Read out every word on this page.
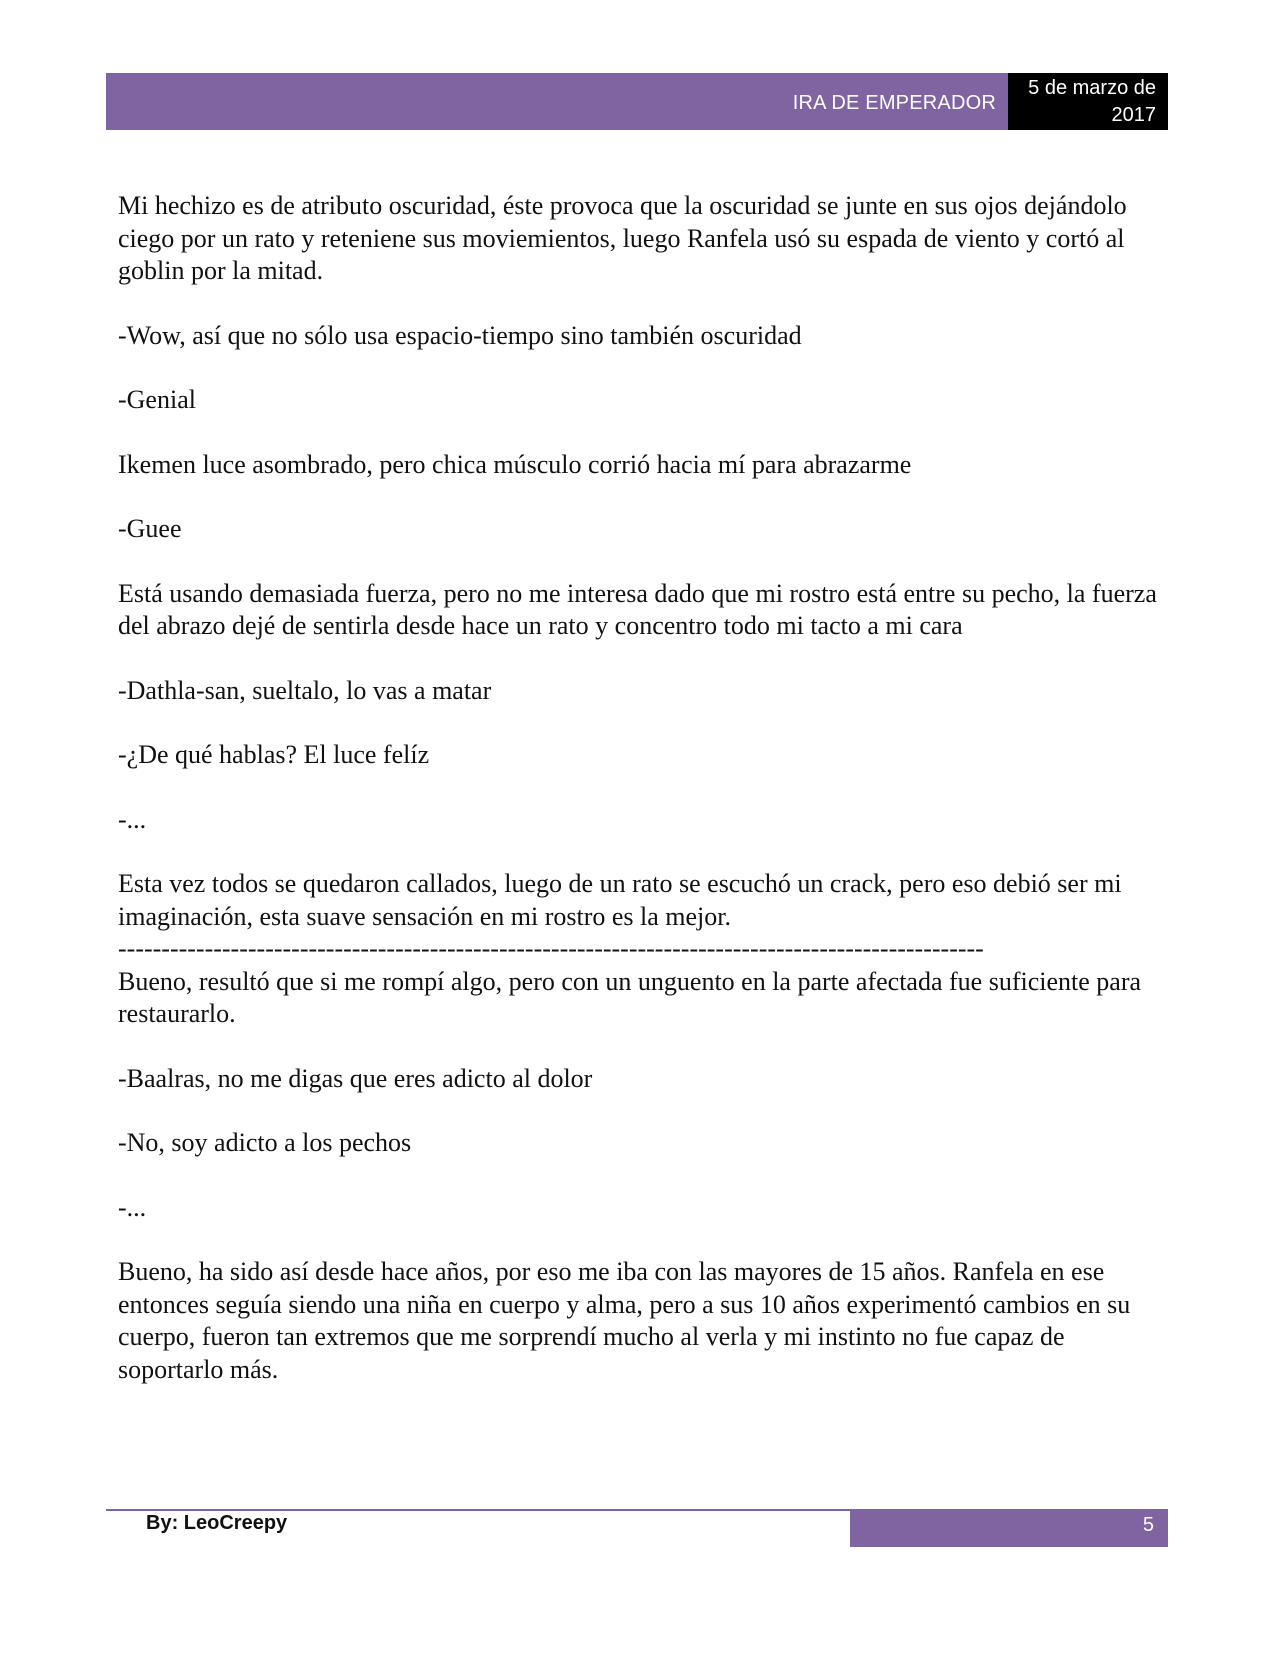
IRA DE EMPERADOR
5 de marzo de
2017

Mi hechizo es de atributo oscuridad, éste provoca que la oscuridad se junte en sus ojos dejándolo ciego por un rato y reteniene sus moviemientos, luego Ranfela usó su espada de viento y cortó al goblin por la mitad.

-Wow, así que no sólo usa espacio-tiempo sino también oscuridad

-Genial

Ikemen luce asombrado, pero chica músculo corrió hacia mí para abrazarme

-Guee

Está usando demasiada fuerza, pero no me interesa dado que mi rostro está entre su pecho, la fuerza del abrazo dejé de sentirla desde hace un rato y concentro todo mi tacto a mi cara

-Dathla-san, sueltalo, lo vas a matar

-¿De qué hablas? El luce felíz

-...

Esta vez todos se quedaron callados, luego de un rato se escuchó un crack, pero eso debió ser mi imaginación, esta suave sensación en mi rostro es la mejor.

----------------------------------------------------------------------------------------------------

Bueno, resultó que si me rompí algo, pero con un unguento en la parte afectada fue suficiente para restaurarlo.

-Baalras, no me digas que eres adicto al dolor

-No, soy adicto a los pechos

-...

Bueno, ha sido así desde hace años, por eso me iba con las mayores de 15 años. Ranfela en ese entonces seguía siendo una niña en cuerpo y alma, pero a sus 10 años experimentó cambios en su cuerpo, fueron tan extremos que me sorprendí mucho al verla y mi instinto no fue capaz de soportarlo más.

By: LeoCreepy	5
